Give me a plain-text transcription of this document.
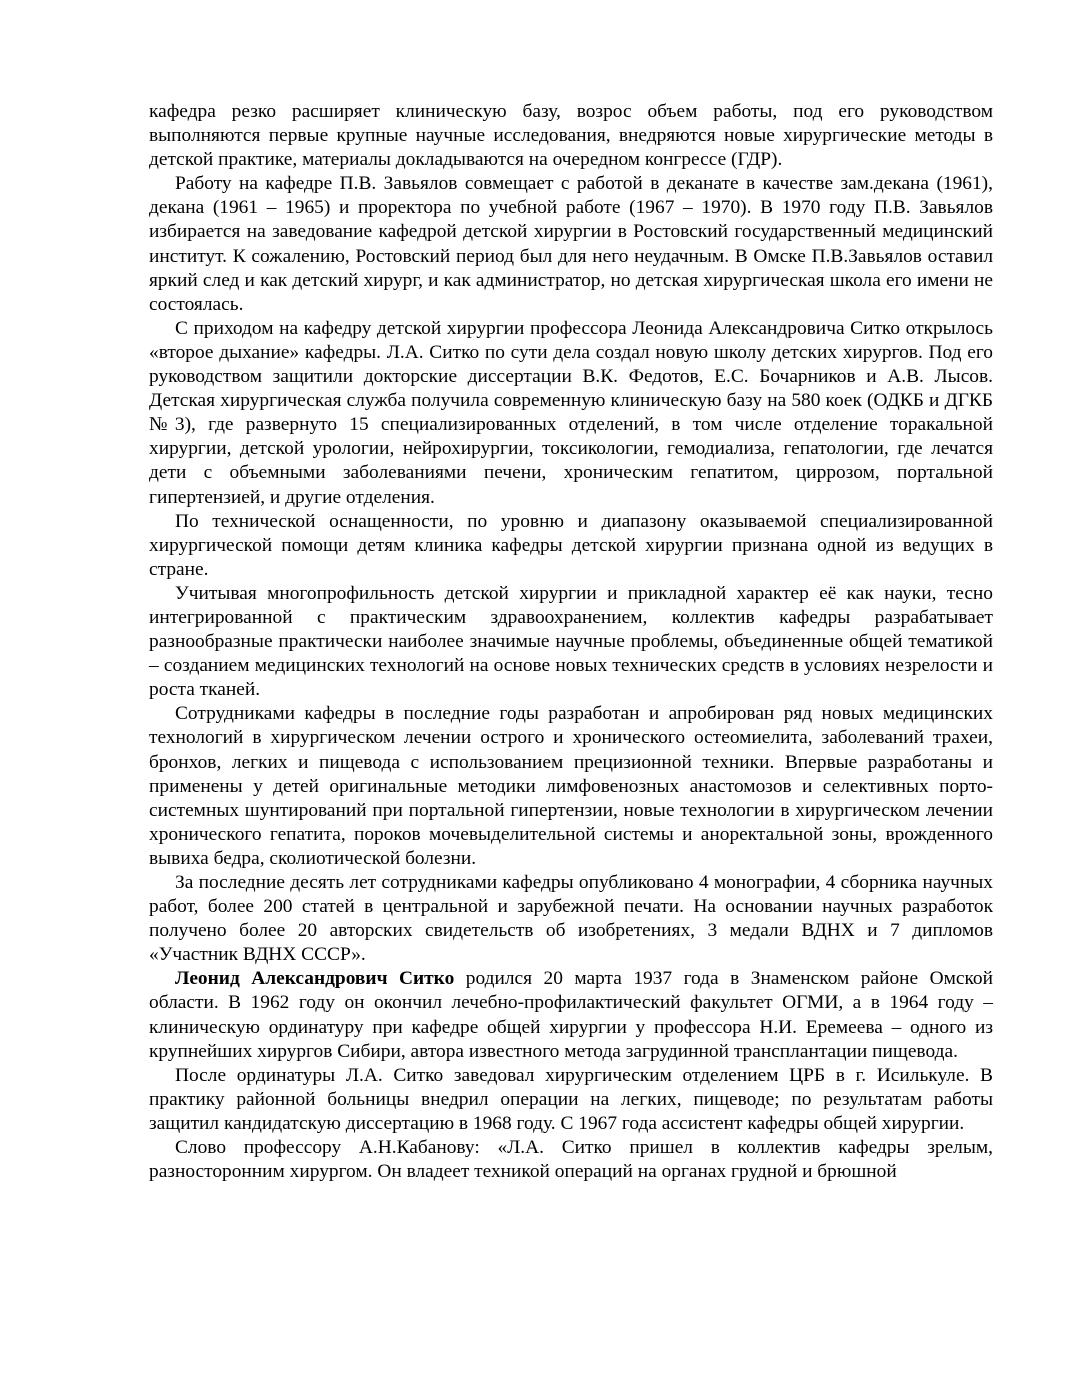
кафедра резко расширяет клиническую базу, возрос объем работы, под его руководством выполняются первые крупные научные исследования, внедряются новые хирургические методы в детской практике, материалы докладываются на очередном конгрессе (ГДР).

Работу на кафедре П.В. Завьялов совмещает с работой в деканате в качестве зам.декана (1961), декана (1961 – 1965) и проректора по учебной работе (1967 – 1970). В 1970 году П.В. Завьялов избирается на заведование кафедрой детской хирургии в Ростовский государственный медицинский институт. К сожалению, Ростовский период был для него неудачным. В Омске П.В.Завьялов оставил яркий след и как детский хирург, и как администратор, но детская хирургическая школа его имени не состоялась.

С приходом на кафедру детской хирургии профессора Леонида Александровича Ситко открылось «второе дыхание» кафедры. Л.А. Ситко по сути дела создал новую школу детских хирургов. Под его руководством защитили докторские диссертации В.К. Федотов, Е.С. Бочарников и А.В. Лысов. Детская хирургическая служба получила современную клиническую базу на 580 коек (ОДКБ и ДГКБ №3), где развернуто 15 специализированных отделений, в том числе отделение торакальной хирургии, детской урологии, нейрохирургии, токсикологии, гемодиализа, гепатологии, где лечатся дети с объемными заболеваниями печени, хроническим гепатитом, циррозом, портальной гипертензией, и другие отделения.

По технической оснащенности, по уровню и диапазону оказываемой специализированной хирургической помощи детям клиника кафедры детской хирургии признана одной из ведущих в стране.

Учитывая многопрофильность детской хирургии и прикладной характер её как науки, тесно интегрированной с практическим здравоохранением, коллектив кафедры разрабатывает разнообразные практически наиболее значимые научные проблемы, объединенные общей тематикой – созданием медицинских технологий на основе новых технических средств в условиях незрелости и роста тканей.

Сотрудниками кафедры в последние годы разработан и апробирован ряд новых медицинских технологий в хирургическом лечении острого и хронического остеомиелита, заболеваний трахеи, бронхов, легких и пищевода с использованием прецизионной техники. Впервые разработаны и применены у детей оригинальные методики лимфовенозных анастомозов и селективных порто-системных шунтирований при портальной гипертензии, новые технологии в хирургическом лечении хронического гепатита, пороков мочевыделительной системы и аноректальной зоны, врожденного вывиха бедра, сколиотической болезни.

За последние десять лет сотрудниками кафедры опубликовано 4 монографии, 4 сборника научных работ, более 200 статей в центральной и зарубежной печати. На основании научных разработок получено более 20 авторских свидетельств об изобретениях, 3 медали ВДНХ и 7 дипломов «Участник ВДНХ СССР».

Леонид Александрович Ситко родился 20 марта 1937 года в Знаменском районе Омской области. В 1962 году он окончил лечебно-профилактический факультет ОГМИ, а в 1964 году – клиническую ординатуру при кафедре общей хирургии у профессора Н.И. Еремеева – одного из крупнейших хирургов Сибири, автора известного метода загрудинной трансплантации пищевода.

После ординатуры Л.А. Ситко заведовал хирургическим отделением ЦРБ в г. Исилькуле. В практику районной больницы внедрил операции на легких, пищеводе; по результатам работы защитил кандидатскую диссертацию в 1968 году. С 1967 года ассистент кафедры общей хирургии.

Слово профессору А.Н.Кабанову: «Л.А. Ситко пришел в коллектив кафедры зрелым, разносторонним хирургом. Он владеет техникой операций на органах грудной и брюшной
